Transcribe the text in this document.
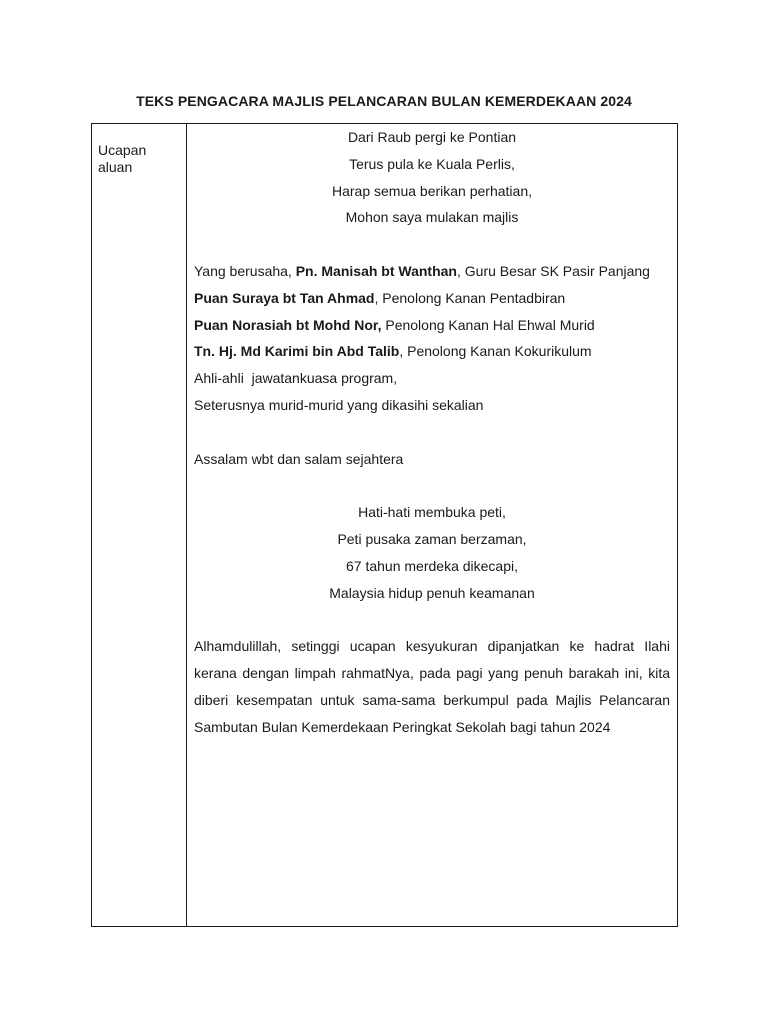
TEKS PENGACARA MAJLIS PELANCARAN BULAN KEMERDEKAAN 2024
Ucapan aluan
Dari Raub pergi ke Pontian
Terus pula ke Kuala Perlis,
Harap semua berikan perhatian,
Mohon saya mulakan majlis
Yang berusaha, Pn. Manisah bt Wanthan, Guru Besar SK Pasir Panjang
Puan Suraya bt Tan Ahmad, Penolong Kanan Pentadbiran
Puan Norasiah bt Mohd Nor, Penolong Kanan Hal Ehwal Murid
Tn. Hj. Md Karimi bin Abd Talib, Penolong Kanan Kokurikulum
Ahli-ahli  jawatankuasa program,
Seterusnya murid-murid yang dikasihi sekalian
Assalam wbt dan salam sejahtera
Hati-hati membuka peti,
Peti pusaka zaman berzaman,
67 tahun merdeka dikecapi,
Malaysia hidup penuh keamanan
Alhamdulillah, setinggi ucapan kesyukuran dipanjatkan ke hadrat Ilahi kerana dengan limpah rahmatNya, pada pagi yang penuh barakah ini, kita diberi kesempatan untuk sama-sama berkumpul pada Majlis Pelancaran Sambutan Bulan Kemerdekaan Peringkat Sekolah bagi tahun 2024
